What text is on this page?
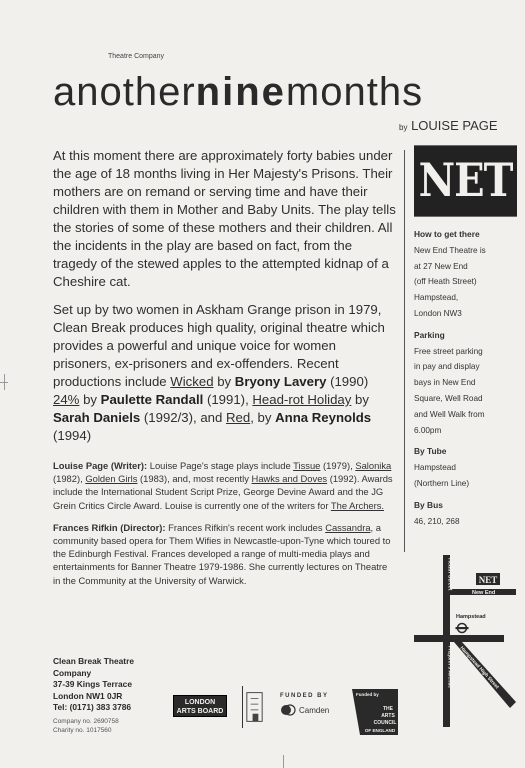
Theatre Company
anotherninemonths
by LOUISE PAGE

At this moment there are approximately forty babies under the age of 18 months living in Her Majesty's Prisons. Their mothers are on remand or serving time and have their children with them in Mother and Baby Units. The play tells the stories of some of these mothers and their children. All the incidents in the play are based on fact, from the tragedy of the stewed apples to the attempted kidnap of a Cheshire cat.

Set up by two women in Askham Grange prison in 1979, Clean Break produces high quality, original theatre which provides a powerful and unique voice for women prisoners, ex-prisoners and ex-offenders. Recent productions include Wicked by Bryony Lavery (1990) 24% by Paulette Randall (1991), Head-rot Holiday by Sarah Daniels (1992/3), and Red, by Anna Reynolds (1994)

Louise Page (Writer): Louise Page's stage plays include Tissue (1979), Salonika (1982), Golden Girls (1983), and, most recently Hawks and Doves (1992). Awards include the International Student Script Prize, George Devine Award and the JG Grein Critics Circle Award. Louise is currently one of the writers for The Archers.

Frances Rifkin (Director): Frances Rifkin's recent work includes Cassandra, a community based opera for Them Wifies in Newcastle-upon-Tyne which toured to the Edinburgh Festival. Frances developed a range of multi-media plays and entertainments for Banner Theatre 1979-1986. She currently lectures on Theatre in the Community at the University of Warwick.

NET
How to get there

New End Theatre is
at 27 New End
(off Heath Street)
Hampstead,
London NW3

Parking

Free street parking
in pay and display
bays in New End
Square, Well Road
and Well Walk from
6.00pm

By Tube

Hampstead
(Northern Line)

By Bus

46, 210, 268

NET
New End
Heath Street
Hampstead
Fitzjohn's Avenue Hampstead High Street
Clean Break Theatre
Company
37-39 Kings Terrace
London NW1 0JR
Tel: (0171) 383 3786
Company no. 2690758
Charity no. 1017560
LONDON
ARTS BOARD
FUNDED BY
Camden
Funded by
THE
ARTS
COUNCIL
OF ENGLAND
